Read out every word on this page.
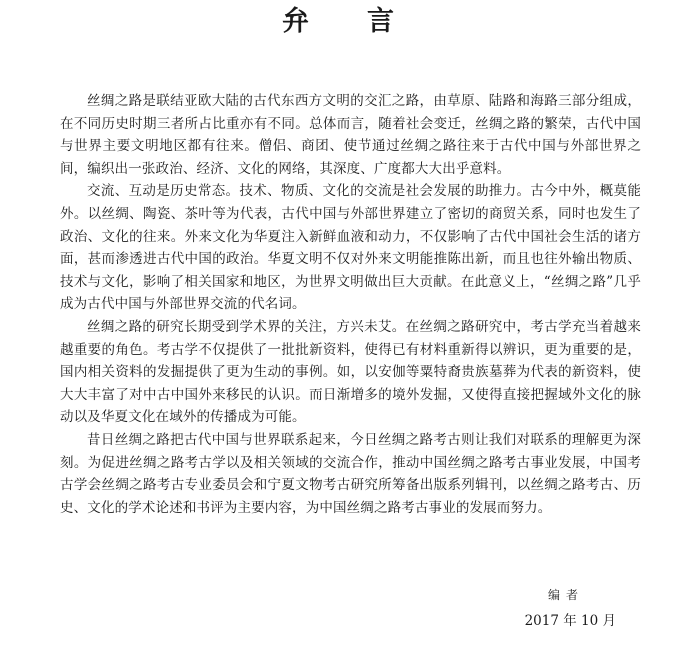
弁言

丝绸之路是联结亚欧大陆的古代东西方文明的交汇之路，由草原、陆路和海路三部分组成，在不同历史时期三者所占比重亦有不同。总体而言，随着社会变迁，丝绸之路的繁荣，古代中国与世界主要文明地区都有往来。僧侣、商团、使节通过丝绸之路往来于古代中国与外部世界之间，编织出一张政治、经济、文化的网络，其深度、广度都大大出乎意料。

交流、互动是历史常态。技术、物质、文化的交流是社会发展的助推力。古今中外，概莫能外。以丝绸、陶瓷、茶叶等为代表，古代中国与外部世界建立了密切的商贸关系，同时也发生了政治、文化的往来。外来文化为华夏注入新鲜血液和动力，不仅影响了古代中国社会生活的诸方面，甚而渗透进古代中国的政治。华夏文明不仅对外来文明能推陈出新，而且也往外输出物质、技术与文化，影响了相关国家和地区，为世界文明做出巨大贡献。在此意义上，“丝绸之路”几乎成为古代中国与外部世界交流的代名词。

丝绸之路的研究长期受到学术界的关注，方兴未艾。在丝绸之路研究中，考古学充当着越来越重要的角色。考古学不仅提供了一批批新资料，使得已有材料重新得以辨识，更为重要的是，国内相关资料的发掘提供了更为生动的事例。如，以安伽等粟特裔贵族墓葬为代表的新资料，使大大丰富了对中古中国外来移民的认识。而日渐增多的境外发掘，又使得直接把握域外文化的脉动以及华夏文化在域外的传播成为可能。

昔日丝绸之路把古代中国与世界联系起来，今日丝绸之路考古则让我们对联系的理解更为深刻。为促进丝绸之路考古学以及相关领域的交流合作，推动中国丝绸之路考古事业发展，中国考古学会丝绸之路考古专业委员会和宁夏文物考古研究所筹备出版系列辑刊，以丝绸之路考古、历史、文化的学术论述和书评为主要内容，为中国丝绸之路考古事业的发展而努力。

编者
2017 年 10 月
